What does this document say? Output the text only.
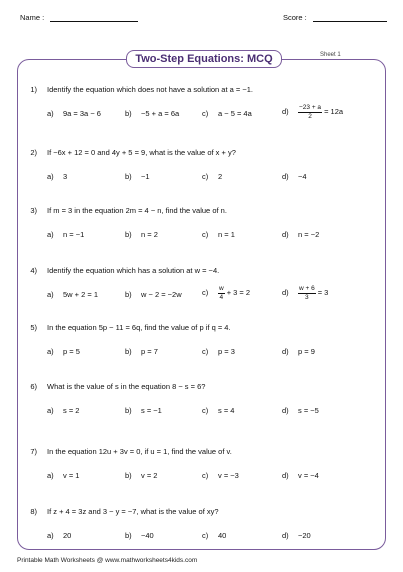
Name :	Score :
Two-Step Equations: MCQ	Sheet 1
1) Identify the equation which does not have a solution at a = −1.
a) 9a = 3a − 6	b) −5 + a = 6a	c) a − 5 = 4a	$d) \frac{-23 + a}{2} = 12a$
2) If −6x + 12 = 0 and 4y + 5 = 9, what is the value of x + y?
a) 3	b) −1	c) 2	d) −4
3) If m = 3 in the equation 2m = 4 − n, find the value of n.
a) n = −1	b) n = 2	c) n = 1	d) n = −2
4) Identify the equation which has a solution at w = −4.
a) 5w + 2 = 1	b) w − 2 = −2w	$c) \frac{w}{4} + 3 = 2$	$d) \frac{w + 6}{3} = 3$
5) In the equation 5p − 11 = 6q, find the value of p if q = 4.
a) p = 5	b) p = 7	c) p = 3	d) p = 9
6) What is the value of s in the equation 8 − s = 6?
a) s = 2	b) s = −1	c) s = 4	d) s = −5
7) In the equation 12u + 3v = 0, if u = 1, find the value of v.
a) v = 1	b) v = 2	c) v = −3	d) v = −4
8) If z + 4 = 3z and 3 − y = −7, what is the value of xy?
a) 20	b) −40	c) 40	d) −20
Printable Math Worksheets @ www.mathworksheets4kids.com
